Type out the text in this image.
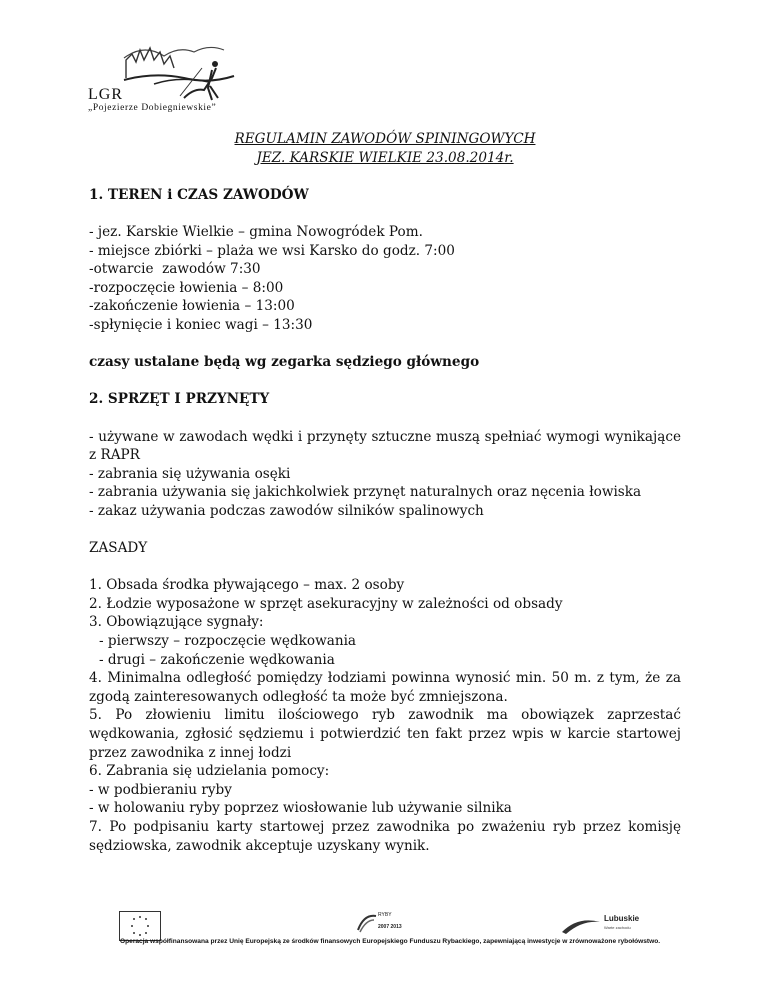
LGR
„Pojezierze Dobiegniewskie”
REGULAMIN ZAWODÓW SPININGOWYCH
JEZ. KARSKIE WIELKIE 23.08.2014r.

1. TEREN i CZAS ZAWODÓW

- jez. Karskie Wielkie – gmina Nowogródek Pom.

- miejsce zbiórki – plaża we wsi Karsko do godz. 7:00

-otwarcie  zawodów 7:30

-rozpoczęcie łowienia – 8:00

-zakończenie łowienia – 13:00

-spłynięcie i koniec wagi – 13:30

czasy ustalane będą wg zegarka sędziego głównego

2. SPRZĘT I PRZYNĘTY

- używane w zawodach wędki i przynęty sztuczne muszą spełniać wymogi wynikające z RAPR

- zabrania się używania osęki

- zabrania używania się jakichkolwiek przynęt naturalnych oraz nęcenia łowiska

- zakaz używania podczas zawodów silników spalinowych

ZASADY

1. Obsada środka pływającego – max. 2 osoby

2. Łodzie wyposażone w sprzęt asekuracyjny w zależności od obsady

3. Obowiązujące sygnały:

- pierwszy – rozpoczęcie wędkowania

- drugi – zakończenie wędkowania

4. Minimalna odległość pomiędzy łodziami powinna wynosić min. 50 m. z tym, że za zgodą zainteresowanych odległość ta może być zmniejszona.

5. Po złowieniu limitu ilościowego ryb zawodnik ma obowiązek zaprzestać wędkowania, zgłosić sędziemu i potwierdzić ten fakt przez wpis w karcie startowej przez zawodnika z innej łodzi

6. Zabrania się udzielania pomocy:

- w podbieraniu ryby

- w holowaniu ryby poprzez wiosłowanie lub używanie silnika

7. Po podpisaniu karty startowej przez zawodnika po zważeniu ryb przez komisję sędziowska, zawodnik akceptuje uzyskany wynik.

RYBY
2007 2013
Lubuskie
Warte zachodu
Operacja współfinansowana przez Unię Europejską ze środków finansowych Europejskiego Funduszu Rybackiego, zapewniającą inwestycje w zrównoważone rybołówstwo.
